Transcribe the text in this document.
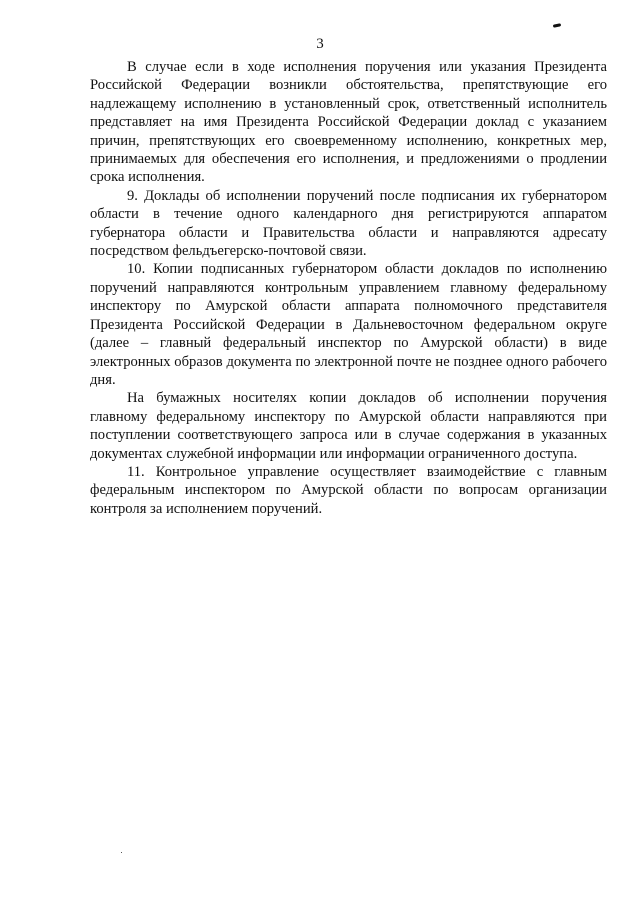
3

В случае если в ходе исполнения поручения или указания Президента Российской Федерации возникли обстоятельства, препятствующие его надлежащему исполнению в установленный срок, ответственный исполнитель представляет на имя Президента Российской Федерации доклад с указанием причин, препятствующих его своевременному исполнению, конкретных мер, принимаемых для обеспечения его исполнения, и предложениями о продлении срока исполнения.

9. Доклады об исполнении поручений после подписания их губернатором области в течение одного календарного дня регистрируются аппаратом губернатора области и Правительства области и направляются адресату посредством фельдъегерско-почтовой связи.

10. Копии подписанных губернатором области докладов по исполнению поручений направляются контрольным управлением главному федеральному инспектору по Амурской области аппарата полномочного представителя Президента Российской Федерации в Дальневосточном федеральном округе (далее – главный федеральный инспектор по Амурской области) в виде электронных образов документа по электронной почте не позднее одного рабочего дня.

На бумажных носителях копии докладов об исполнении поручения главному федеральному инспектору по Амурской области направляются при поступлении соответствующего запроса или в случае содержания в указанных документах служебной информации или информации ограниченного доступа.

11. Контрольное управление осуществляет взаимодействие с главным федеральным инспектором по Амурской области по вопросам организации контроля за исполнением поручений.
